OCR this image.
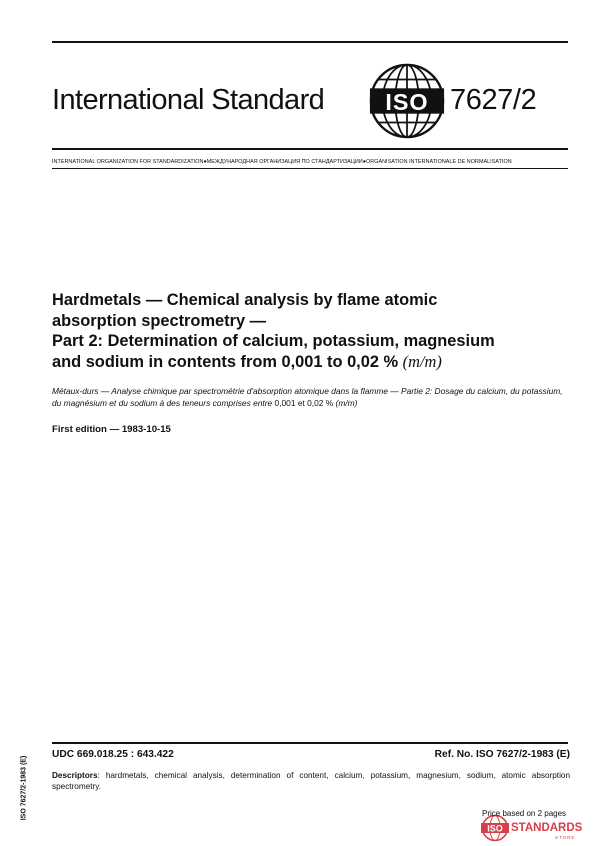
International Standard	ISO 7627/2
INTERNATIONAL ORGANIZATION FOR STANDARDIZATION●МЕЖДУНАРОДНАЯ ОРГАНИЗАЦИЯ ПО СТАНДАРТИЗАЦИИ●ORGANISATION INTERNATIONALE DE NORMALISATION
Hardmetals — Chemical analysis by flame atomic
absorption spectrometry —
Part 2: Determination of calcium, potassium, magnesium
and sodium in contents from 0,001 to 0,02 % (m/m)
Métaux-durs — Analyse chimique par spectrométrie d'absorption atomique dans la flamme — Partie 2: Dosage du calcium, du potassium, du magnésium et du sodium à des teneurs comprises entre 0,001 et 0,02 % (m/m)
First edition — 1983-10-15
UDC 669.018.25 : 643.422	Ref. No. ISO 7627/2-1983 (E)
Descriptors: hardmetals, chemical analysis, determination of content, calcium, potassium, magnesium, sodium, atomic absorption spectrometry.
ISO 7627/2-1983 (E)
ISO STANDARDS
STORE
Price based on 2 pages
